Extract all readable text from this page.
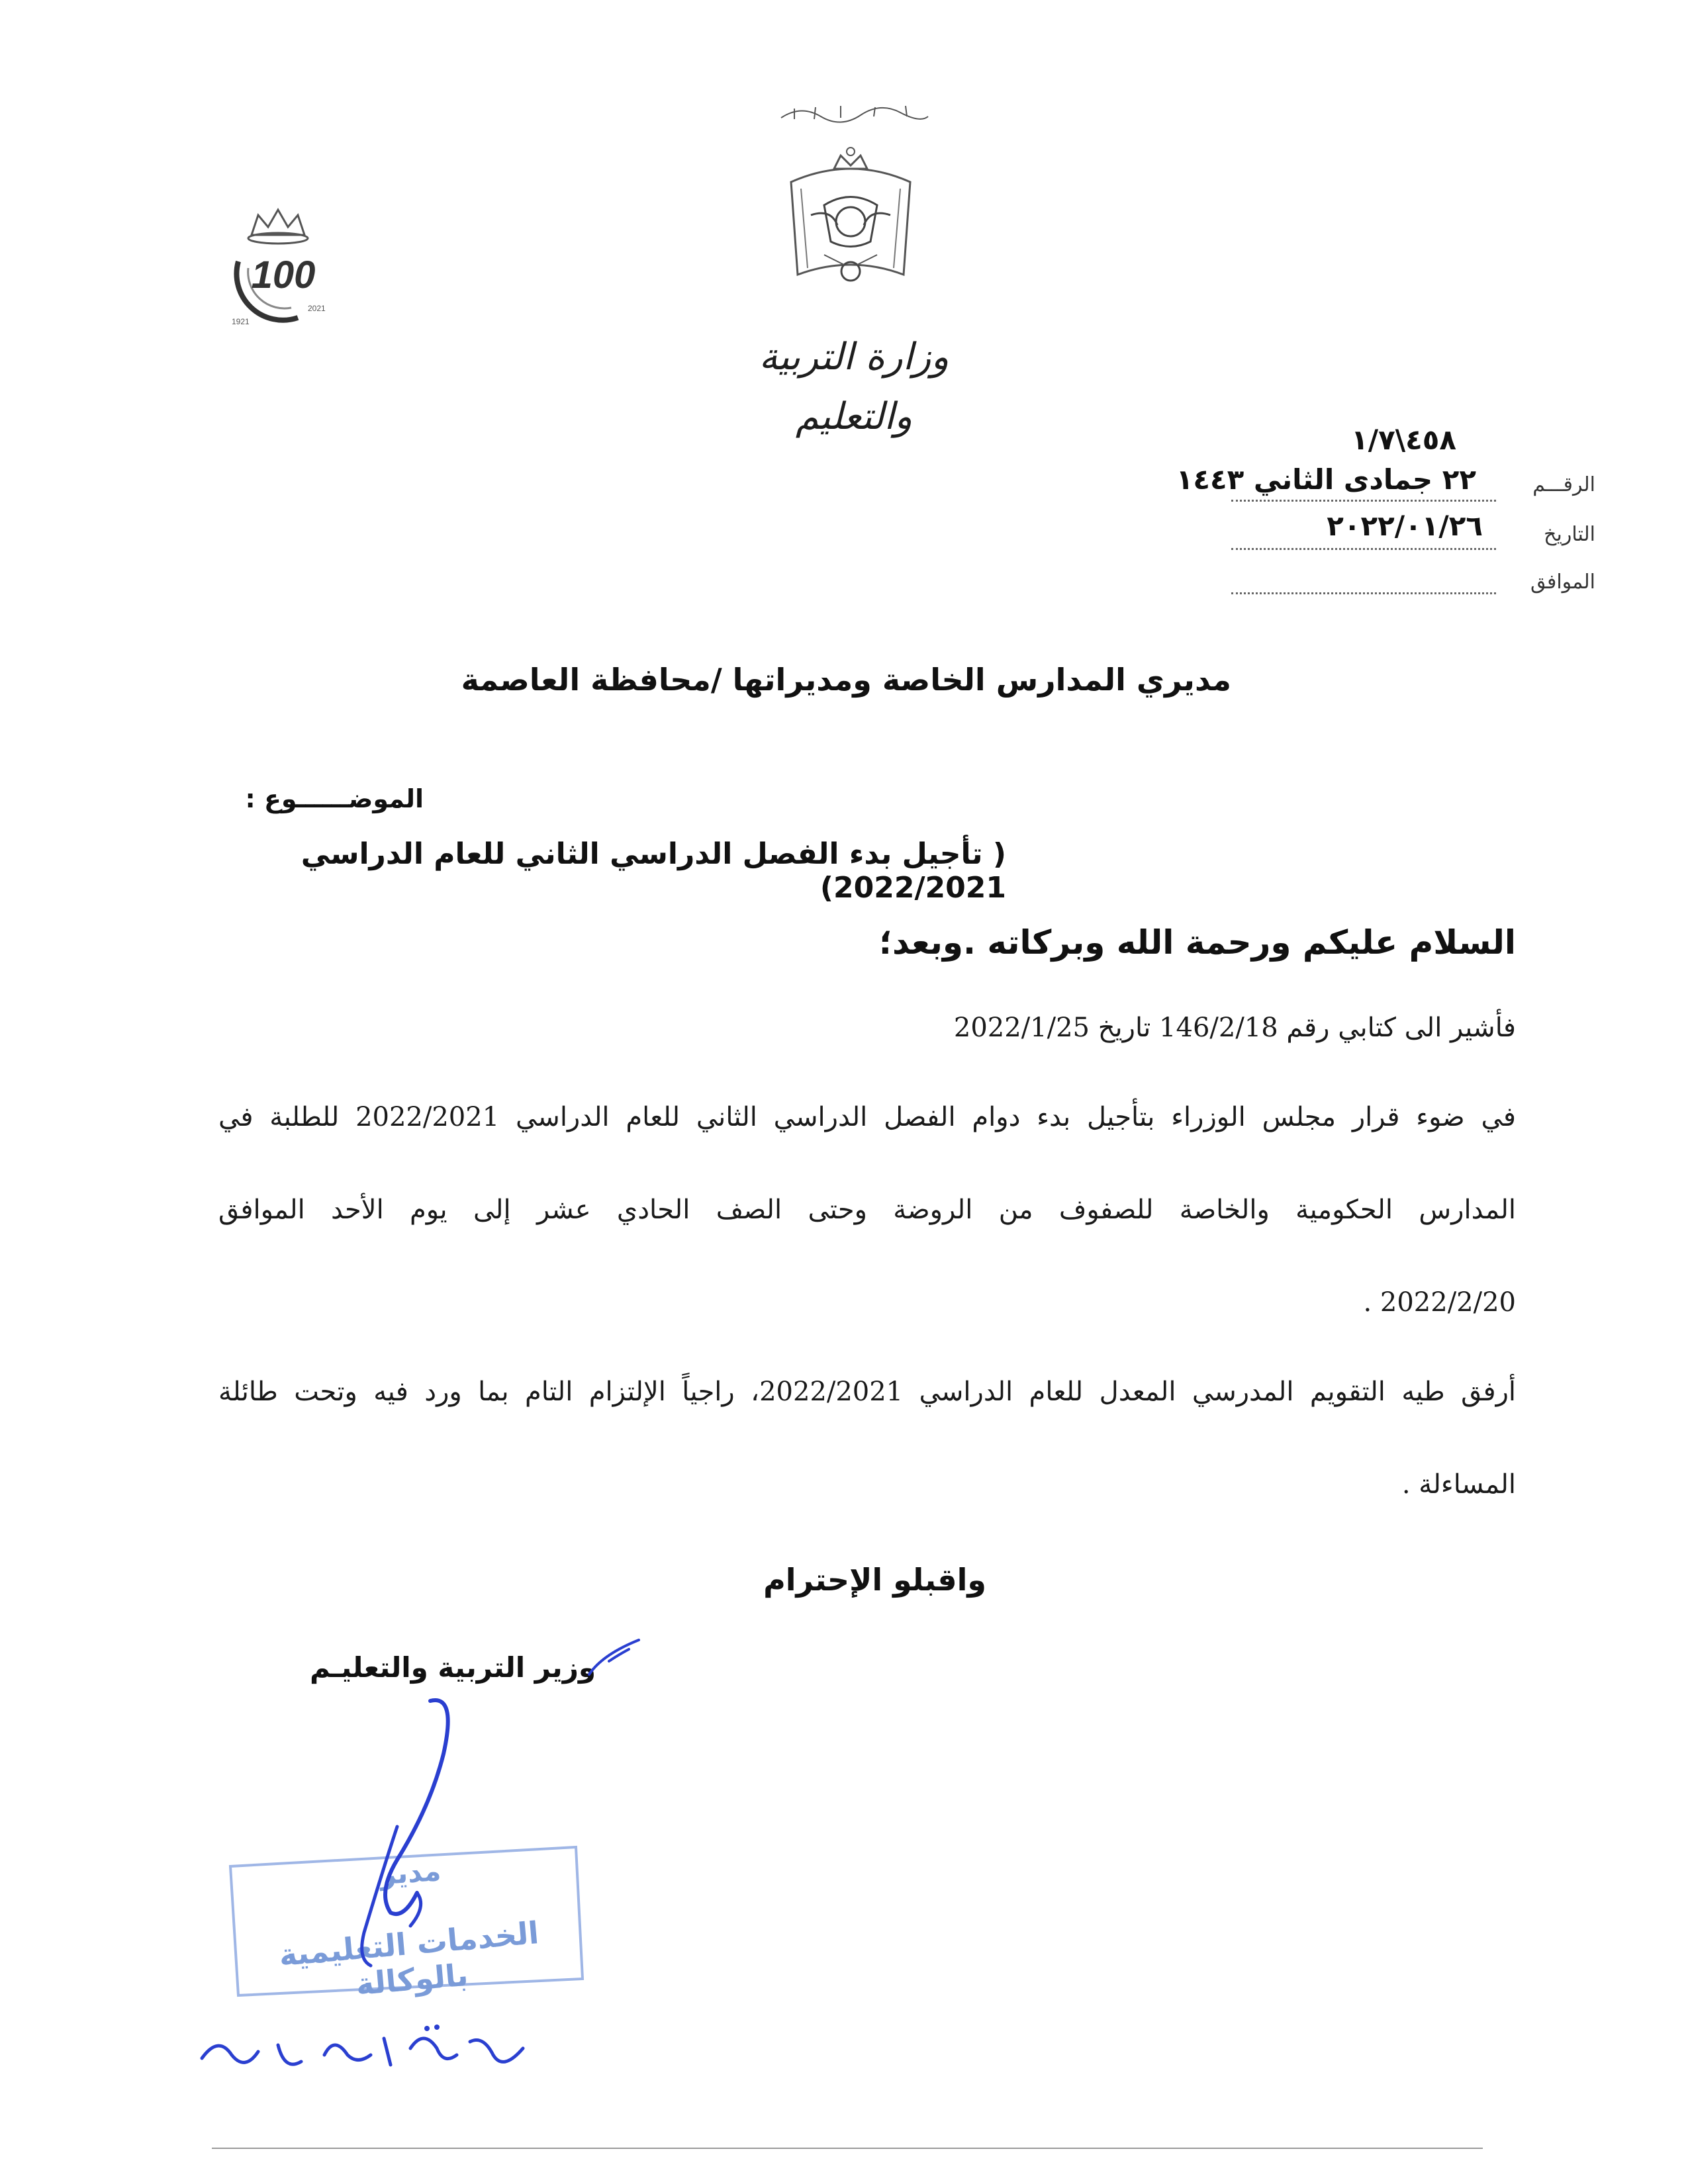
وزارة التربية والتعليم
100
1921
2021
٤٥٨\١/٧
الرقـــم
٢٢ جمادى الثاني ١٤٤٣
التاريخ
٢٠٢٢/٠١/٢٦
الموافق
مديري المدارس الخاصة ومديراتها /محافظة العاصمة
الموضــــــوع :
( تأجيل بدء الفصل الدراسي الثاني للعام الدراسي 2022/2021)
السلام عليكم ورحمة الله وبركاته .وبعد؛
فأشير الى كتابي رقم 146/2/18 تاريخ 2022/1/25
في ضوء قرار مجلس الوزراء بتأجيل بدء دوام الفصل الدراسي الثاني للعام الدراسي 2022/2021 للطلبة في
المدارس الحكومية والخاصة للصفوف من الروضة وحتى الصف الحادي عشر إلى يوم الأحد الموافق
2022/2/20 .
أرفق طيه التقويم المدرسي المعدل للعام الدراسي 2022/2021، راجياً الإلتزام التام بما ورد فيه وتحت طائلة
المساءلة .
واقبلو الإحترام
وزير التربية والتعليـم
مدير
الخدمات التعليمية بالوكالة
